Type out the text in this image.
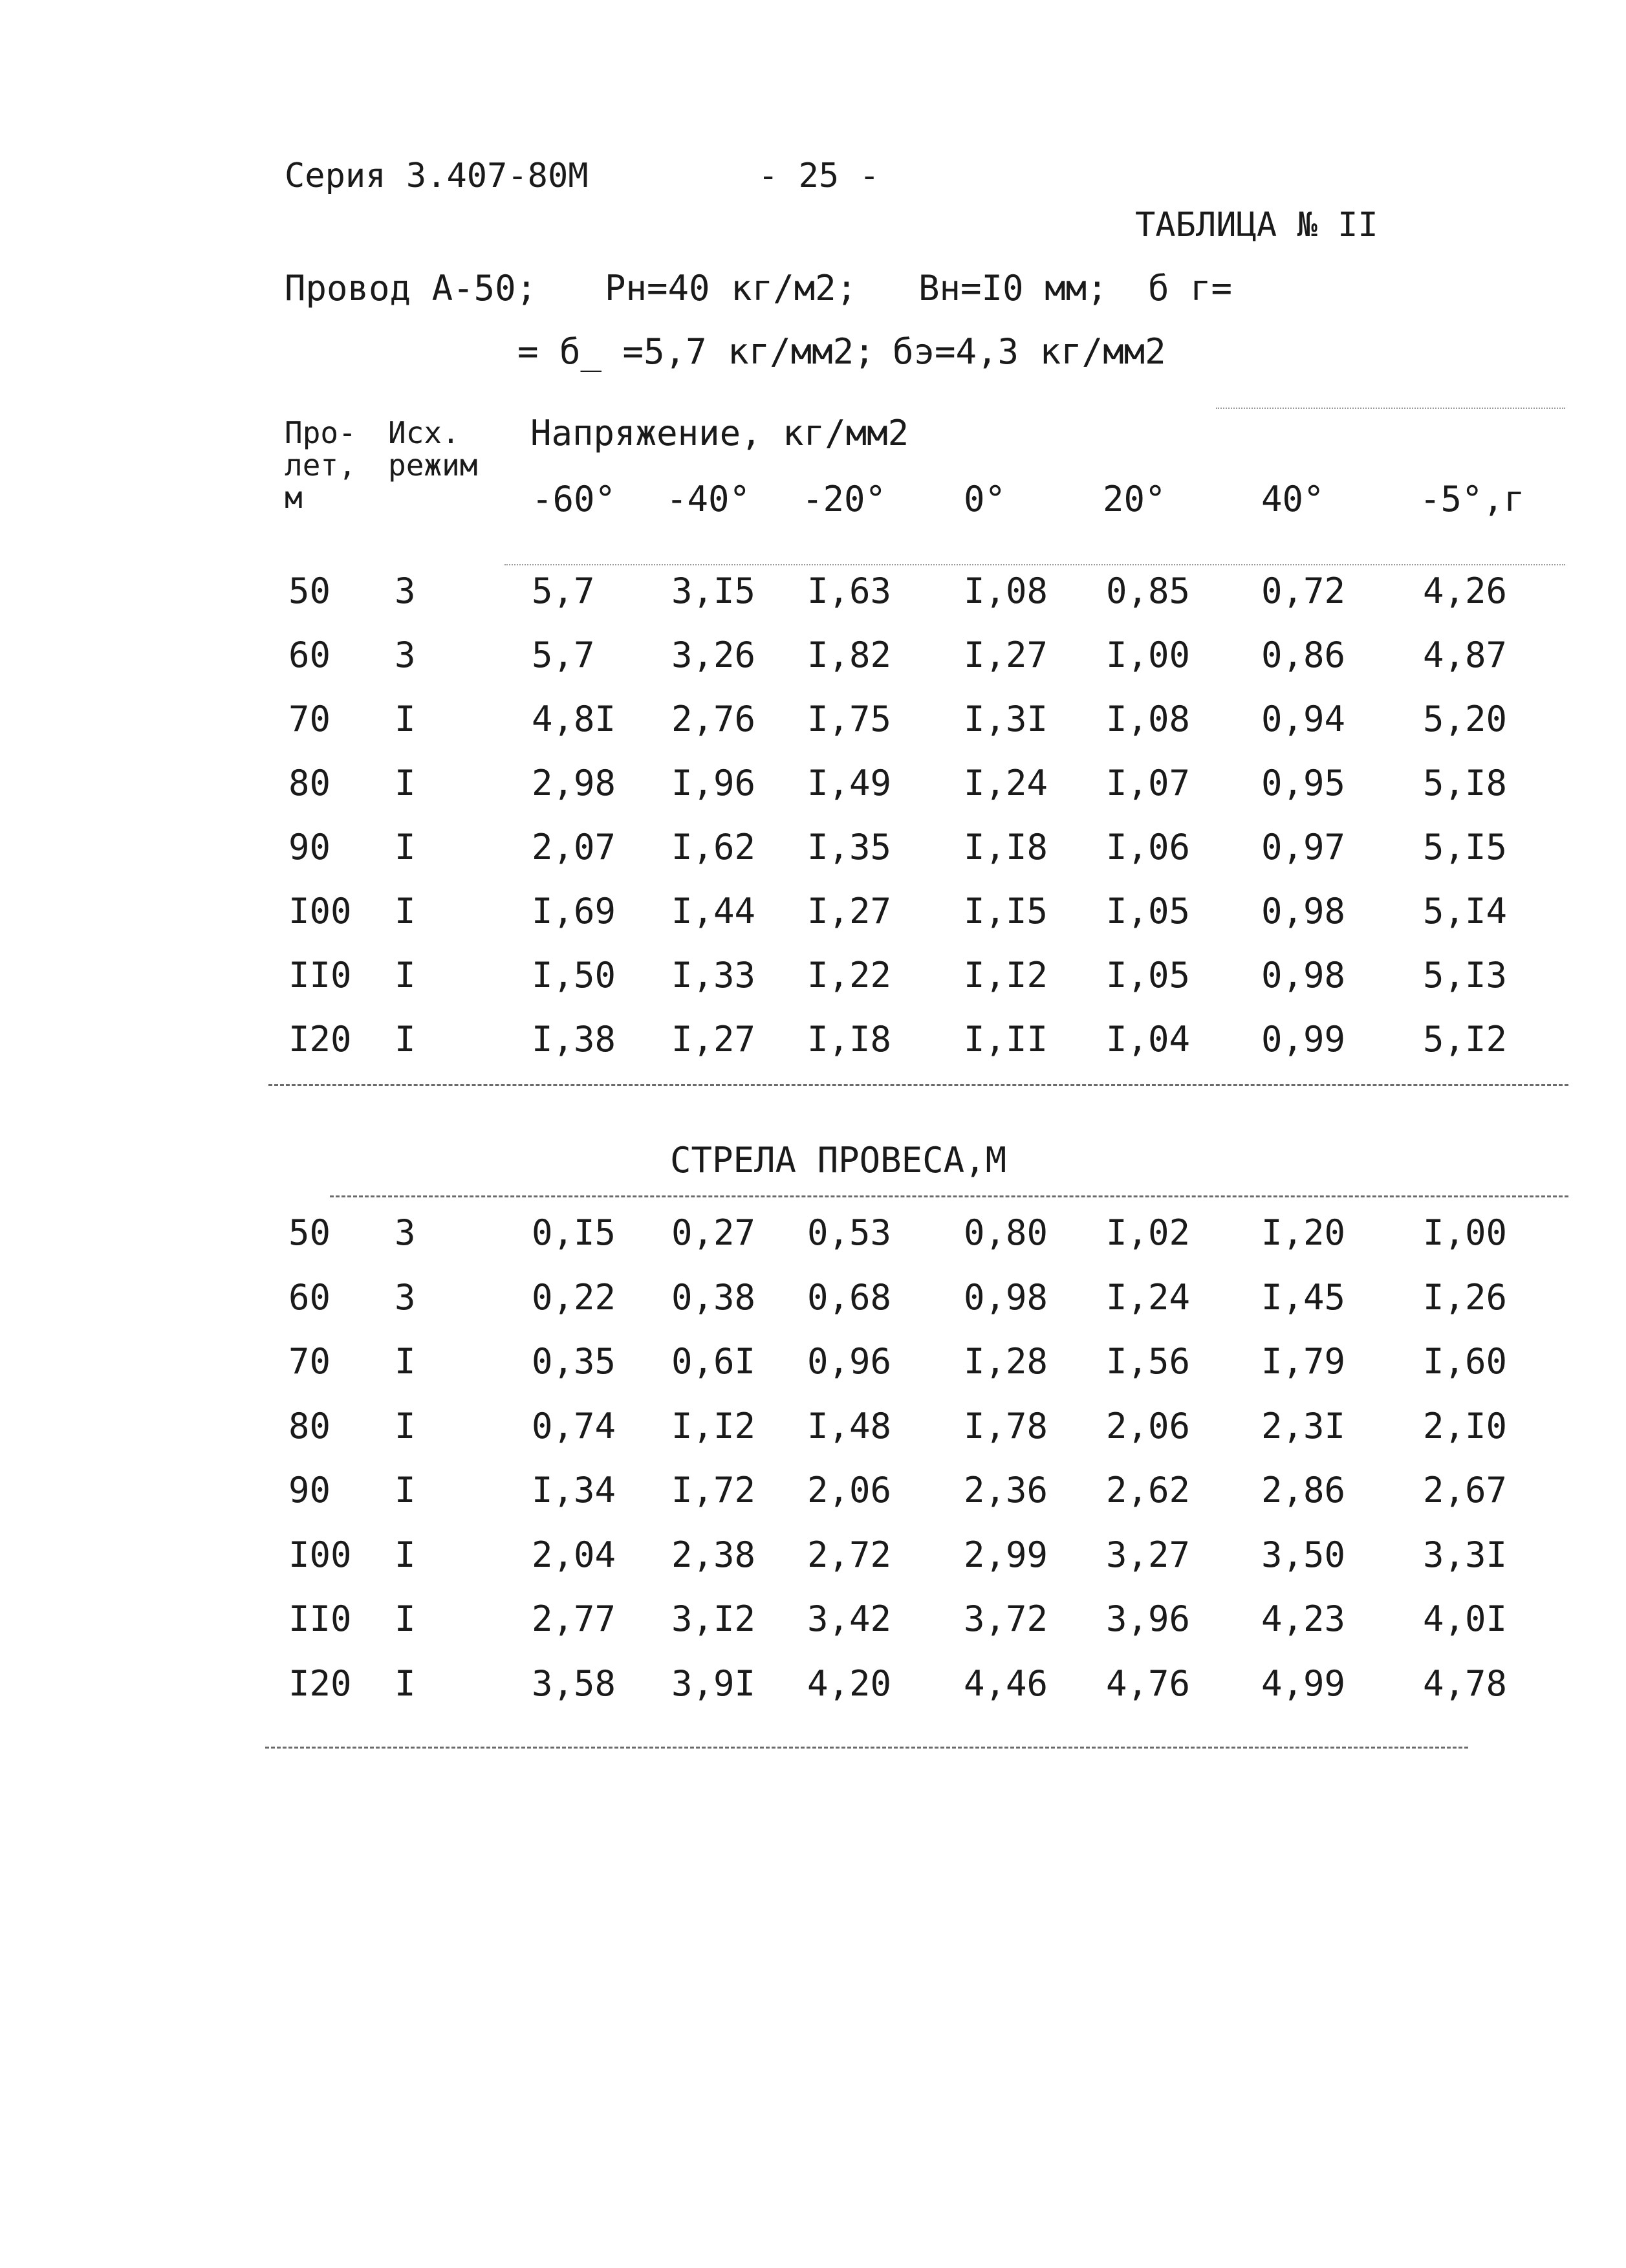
Серия 3.407-80М	- 25 -
ТАБЛИЦА № II
Провод А-50; Рн=40 кг/м2; Вн=I0 мм; б г=
= б_ =5,7 кг/мм2; бэ=4,3 кг/мм2
Про-
лет,
м
Исх.
режим
Напряжение, кг/мм2
-60° -40° -20° 0°	20°	40°	-5°,г
50 3	5,7 3,I5 I,63 I,08 0,85 0,72 4,26
60 3	5,7 3,26 I,82 I,27 I,00 0,86 4,87
70 I	4,8I 2,76 I,75 I,3I I,08 0,94 5,20
80 I	2,98 I,96 I,49 I,24 I,07 0,95 5,I8
90 I	2,07 I,62 I,35 I,I8 I,06 0,97 5,I5
I00 I	I,69 I,44 I,27 I,I5 I,05 0,98 5,I4
II0 I	I,50 I,33 I,22 I,I2 I,05 0,98 5,I3
I20 I	I,38 I,27 I,I8 I,II I,04 0,99 5,I2
СТРЕЛА ПРОВЕСА,М
50 3	0,I5 0,27 0,53 0,80 I,02 I,20 I,00
60 3	0,22 0,38 0,68 0,98 I,24 I,45 I,26
70 I	0,35 0,6I 0,96 I,28 I,56 I,79 I,60
80 I	0,74 I,I2 I,48 I,78 2,06 2,3I 2,I0
90 I	I,34 I,72 2,06 2,36 2,62 2,86 2,67
I00 I	2,04 2,38 2,72 2,99 3,27 3,50 3,3I
II0 I	2,77 3,I2 3,42 3,72 3,96 4,23 4,0I
I20 I	3,58 3,9I 4,20 4,46 4,76 4,99 4,78
